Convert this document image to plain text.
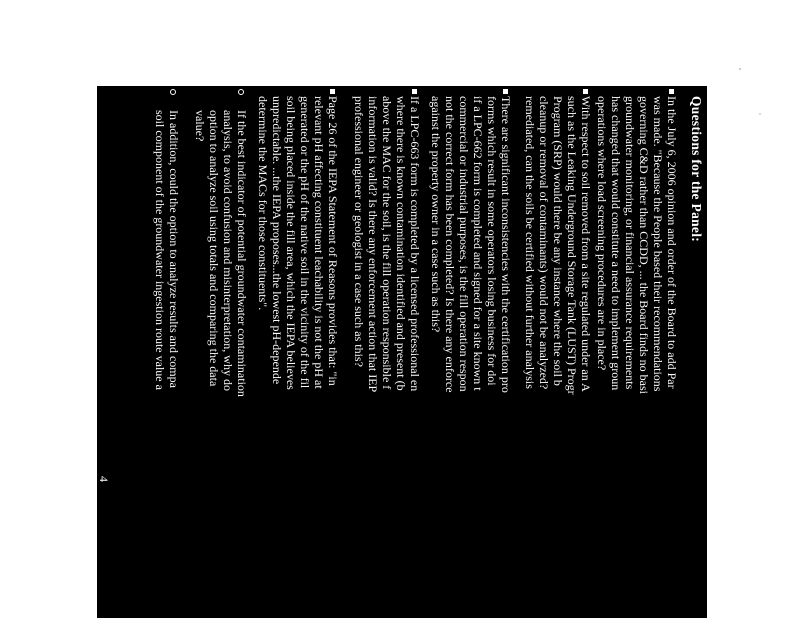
Questions for the Panel:
In the July 6, 2006 opinion and order of the Board to add Par
was made. "Because the People based their recommendations
governing C&D rather than CCDD, ... the Board finds no basi
groundwater monitoring, or financial assurance requirements
has changed that would constitute a need to implement groun
operations where load screening procedures are in place?
With respect to soil removed from a site regulated under an A
such as the Leaking Underground Storage Tank (LUST) Progr
Program (SRP) would there be any instance where the soil b
cleanup or removal of contaminants) would not be analyzed?
remediated, can the soils be certified without further analysis
There are significant inconsistencies with the certification pro
forms which result in some operators losing business for doi
if a LPC-662 form is completed and signed for a site known t
commercial or industrial purposes, is the fill operation respon
not the correct form has been completed? Is there any enforce
against the property owner in a case such as this?
If a LPC-663 form is completed by a licensed professional en
where there is known contamination identified and present (b
above the MAC for the soil, is the fill operation responsible f
information is valid? Is there any enforcement action that IEP
professional engineer or geologist in a case such as this?
Page 26 of the IEPA Statement of Reasons provides that: "in
relevant pH affecting constituent leachability is not the pH at
generated or the pH of the native soil in the vicinity of the fil
soil being placed inside the fill area, which the IEPA believes
unpredictable. ...the IEPA proposes...the lowest pH-depende
determine the MACs for those constituents".
If the best indicator of potential groundwater contamination
analysis, to avoid confusion and misinterpretation, why do
option to analyze soil using totals and comparing the data
value?
In addition, could the option to analyze results and compa
soil component of the groundwater ingestion route value a
4
